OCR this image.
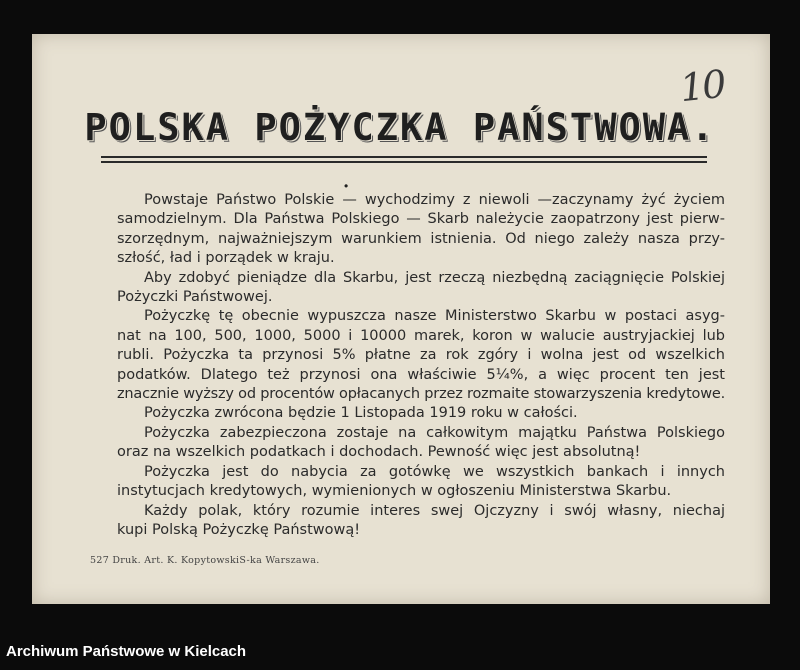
10
POLSKA POŻYCZKA PAŃSTWOWA.
•
Powstaje Państwo Polskie — wychodzimy z niewoli —zaczynamy żyć życiem
samodzielnym. Dla Państwa Polskiego — Skarb należycie zaopatrzony jest pierw-
szorzędnym, najważniejszym warunkiem istnienia. Od niego zależy nasza przy-
szłość, ład i porządek w kraju.
Aby zdobyć pieniądze dla Skarbu, jest rzeczą niezbędną zaciągnięcie Polskiej
Pożyczki Państwowej.
Pożyczkę tę obecnie wypuszcza nasze Ministerstwo Skarbu w postaci asyg-
nat na 100, 500, 1000, 5000 i 10000 marek, koron w walucie austryjackiej lub
rubli. Pożyczka ta przynosi 5% płatne za rok zgóry i wolna jest od wszelkich
podatków. Dlatego też przynosi ona właściwie 5¼%, a więc procent ten jest
znacznie wyższy od procentów opłacanych przez rozmaite stowarzyszenia kredytowe.
Pożyczka zwrócona będzie 1 Listopada 1919 roku w całości.
Pożyczka zabezpieczona zostaje na całkowitym majątku Państwa Polskiego
oraz na wszelkich podatkach i dochodach. Pewność więc jest absolutną!
Pożyczka jest do nabycia za gotówkę we wszystkich bankach i innych
instytucjach kredytowych, wymienionych w ogłoszeniu Ministerstwa Skarbu.
Każdy polak, który rozumie interes swej Ojczyzny i swój własny, niechaj
kupi Polską Pożyczkę Państwową!
527 Druk. Art. K. KopytowskiS-ka Warszawa.
Archiwum Państwowe w Kielcach
